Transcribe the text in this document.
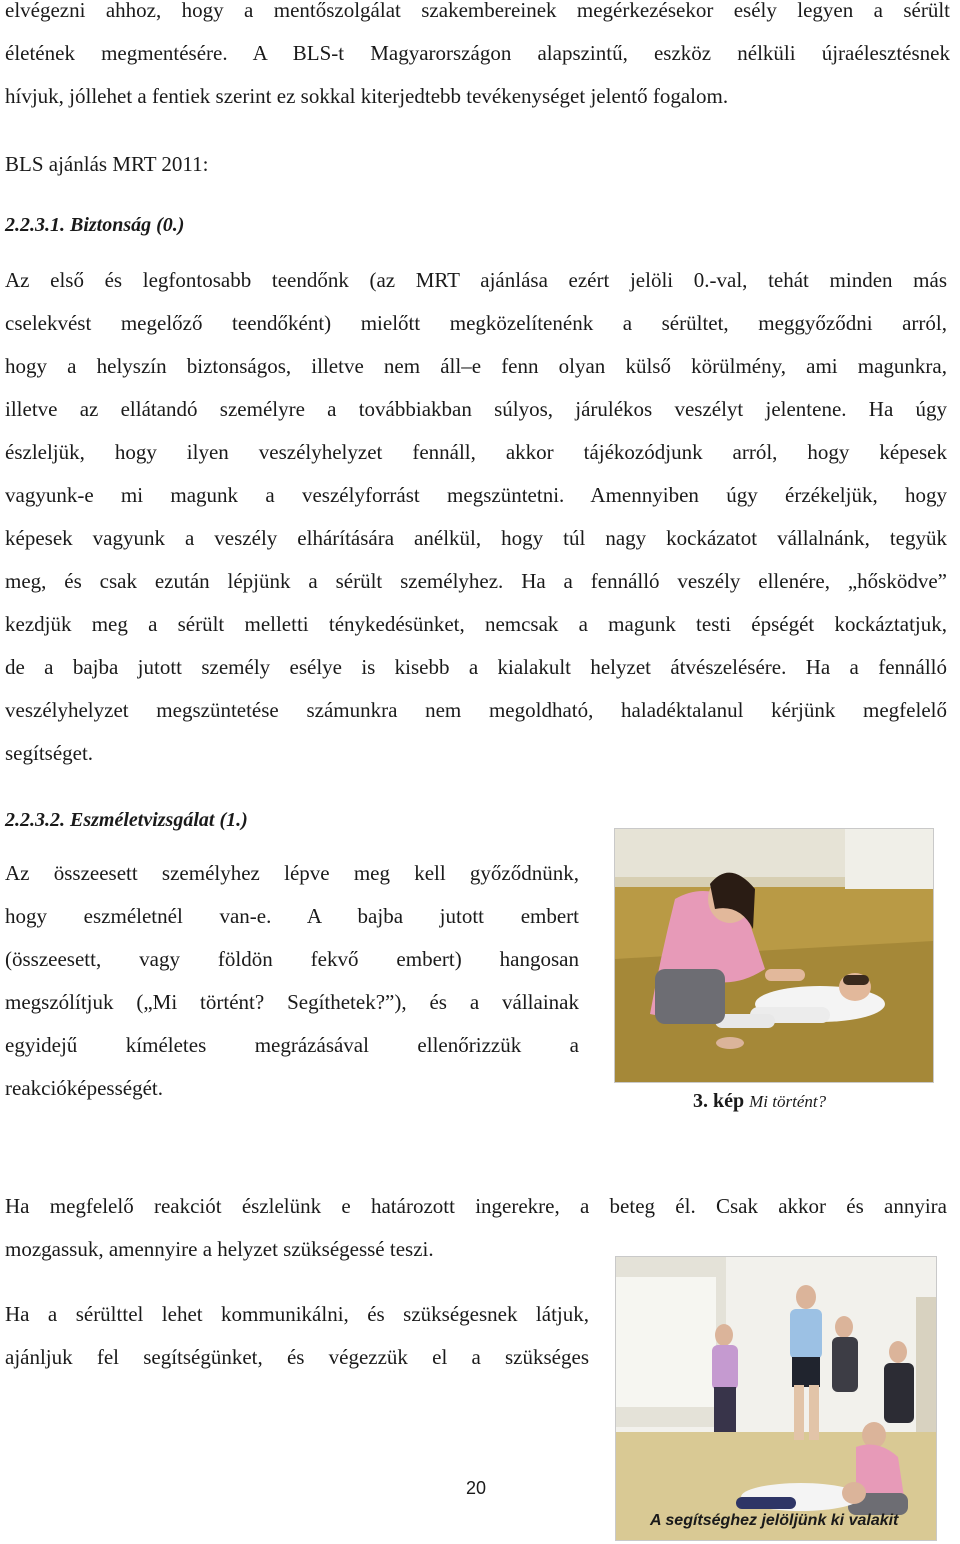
elvégezni ahhoz, hogy a mentőszolgálat szakembereinek megérkezésekor esély legyen a sérült
életének megmentésére. A BLS-t Magyarországon alapszintű, eszköz nélküli újraélesztésnek
hívjuk, jóllehet a fentiek szerint ez sokkal kiterjedtebb tevékenységet jelentő fogalom.
BLS ajánlás MRT 2011:
2.2.3.1. Biztonság (0.)
Az első és legfontosabb teendőnk (az MRT ajánlása ezért jelöli 0.-val, tehát minden más
cselekvést megelőző teendőként) mielőtt megközelítenénk a sérültet, meggyőződni arról,
hogy a helyszín biztonságos, illetve nem áll–e fenn olyan külső körülmény, ami magunkra,
illetve az ellátandó személyre a továbbiakban súlyos, járulékos veszélyt jelentene. Ha úgy
észleljük, hogy ilyen veszélyhelyzet fennáll, akkor tájékozódjunk arról, hogy képesek
vagyunk-e mi magunk a veszélyforrást megszüntetni. Amennyiben úgy érzékeljük, hogy
képesek vagyunk a veszély elhárítására anélkül, hogy túl nagy kockázatot vállalnánk, tegyük
meg, és csak ezután lépjünk a sérült személyhez. Ha a fennálló veszély ellenére, „hősködve”
kezdjük meg a sérült melletti ténykedésünket, nemcsak a magunk testi épségét kockáztatjuk,
de a bajba jutott személy esélye is kisebb a kialakult helyzet átvészelésére. Ha a fennálló
veszélyhelyzet megszüntetése számunkra nem megoldható, haladéktalanul kérjünk megfelelő
segítséget.
2.2.3.2. Eszméletvizsgálat (1.)
Az összeesett személyhez lépve meg kell győződnünk,
hogy eszméletnél van-e. A bajba jutott embert
(összeesett, vagy földön fekvő embert) hangosan
megszólítjuk („Mi történt? Segíthetek?”), és a vállainak
egyidejű kíméletes megrázásával ellenőrizzük a
reakcióképességét.
3. kép Mi történt?
Ha megfelelő reakciót észlelünk e határozott ingerekre, a beteg él. Csak akkor és annyira
mozgassuk, amennyire a helyzet szükségessé teszi.
Ha a sérülttel lehet kommunikálni, és szükségesnek látjuk,
ajánljuk fel segítségünket, és végezzük el a szükséges
A segítséghez jelöljünk ki valakit
20
